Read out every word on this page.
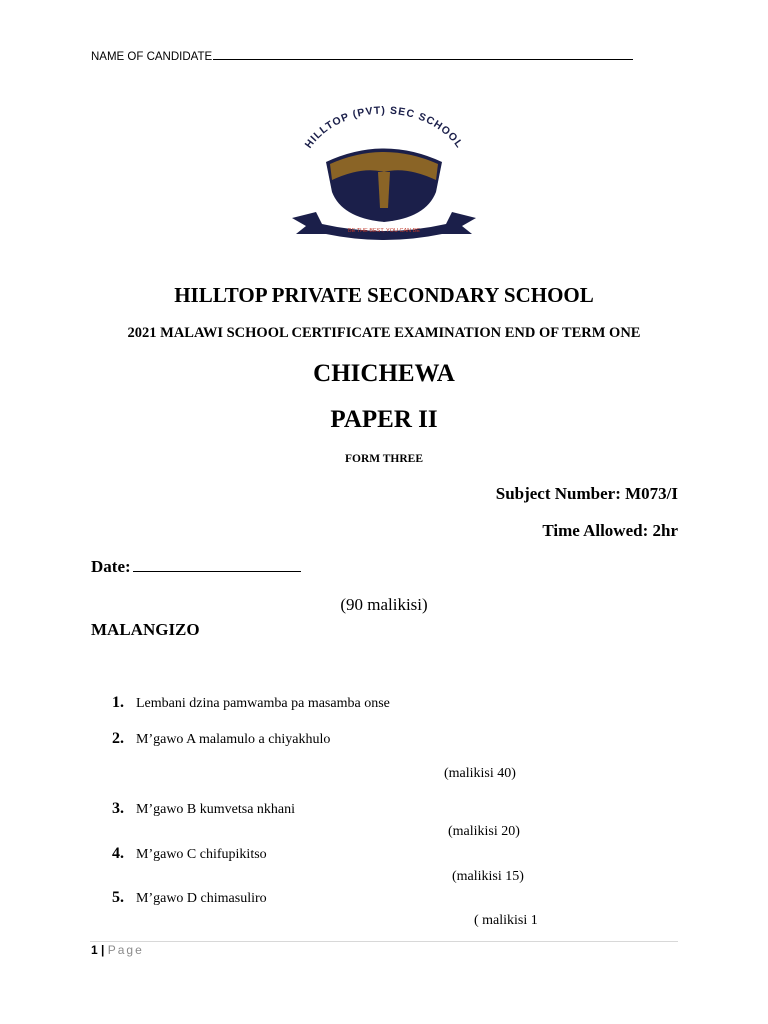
NAME OF CANDIDATE
HILLTOP (PVT) SEC SCHOOL
BE THE BEST, YOU CAN BE
HILLTOP PRIVATE SECONDARY SCHOOL
2021 MALAWI SCHOOL CERTIFICATE EXAMINATION END OF TERM ONE
CHICHEWA
PAPER II
FORM THREE
Subject Number: M073/I
Time Allowed: 2hr
Date:
(90 malikisi)
MALANGIZO
1. Lembani dzina pamwamba pa masamba onse
2. M’gawo A malamulo a chiyakhulo
(malikisi 40)
3. M’gawo B kumvetsa nkhani
(malikisi 20)
4. M’gawo C chifupikitso
(malikisi 15)
5. M’gawo D chimasuliro
( malikisi 1
1 | Page
